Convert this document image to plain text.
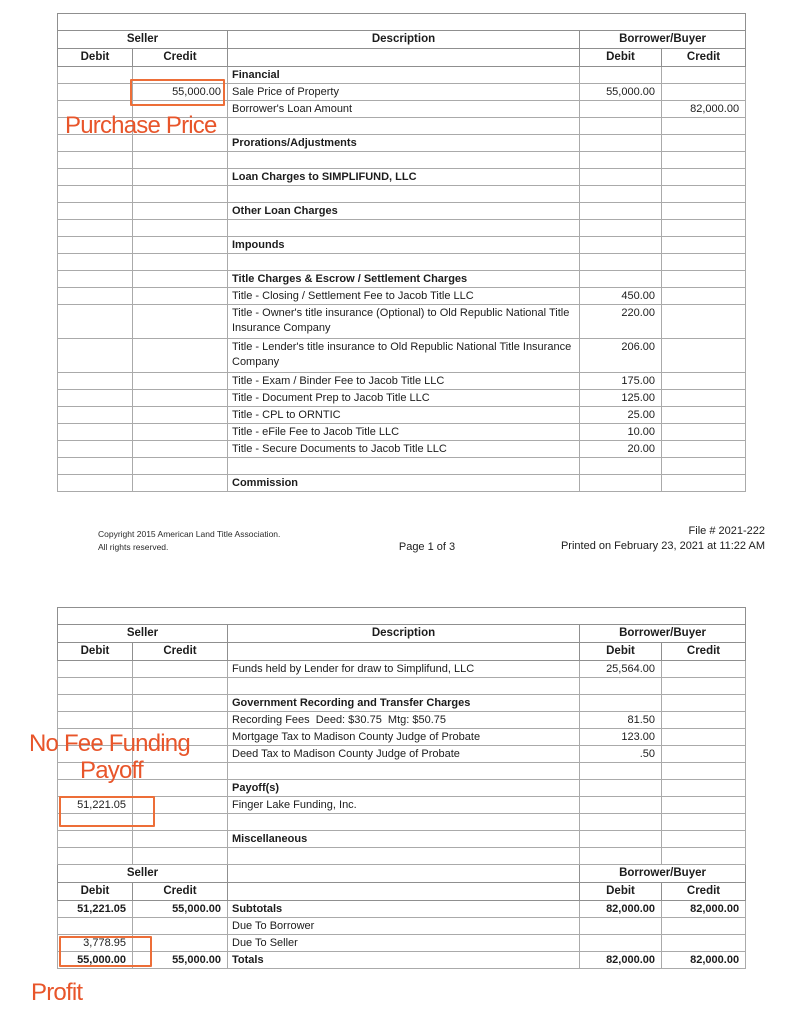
Seller		Description	Borrower/Buyer	
Debit	Credit		Debit	Credit
		Financial		
	55,000.00	Sale Price of Property	55,000.00	
		Borrower's Loan Amount		82,000.00

		Prorations/Adjustments		

		Loan Charges to SIMPLIFUND, LLC		

		Other Loan Charges		

		Impounds		

		Title Charges & Escrow / Settlement Charges		
		Title - Closing / Settlement Fee to Jacob Title LLC	450.00	
		Title - Owner's title insurance (Optional) to Old Republic National Title Insurance Company	220.00	
		Title - Lender's title insurance to Old Republic National Title Insurance Company	206.00	
		Title - Exam / Binder Fee to Jacob Title LLC	175.00	
		Title - Document Prep to Jacob Title LLC	125.00	
		Title - CPL to ORNTIC	25.00	
		Title - eFile Fee to Jacob Title LLC	10.00	
		Title - Secure Documents to Jacob Title LLC	20.00	

		Commission		
Copyright 2015 American Land Title Association.
All rights reserved.	Page 1 of 3
File # 2021-222
Printed on February 23, 2021 at 11:22 AM

Seller		Description	Borrower/Buyer	
Debit	Credit		Debit	Credit
		Funds held by Lender for draw to Simplifund, LLC	25,564.00	

		Government Recording and Transfer Charges		
		Recording Fees  Deed: $30.75  Mtg: $50.75	81.50	
		Mortgage Tax to Madison County Judge of Probate	123.00	
		Deed Tax to Madison County Judge of Probate	.50	

		Payoff(s)		
51,221.05		Finger Lake Funding, Inc.		

		Miscellaneous		

Seller			Borrower/Buyer	
Debit	Credit		Debit	Credit
51,221.05	55,000.00	Subtotals	82,000.00	82,000.00
		Due To Borrower		
3,778.95		Due To Seller		
55,000.00	55,000.00	Totals	82,000.00	82,000.00
Purchase Price
No Fee Funding
Payoff
Profit
